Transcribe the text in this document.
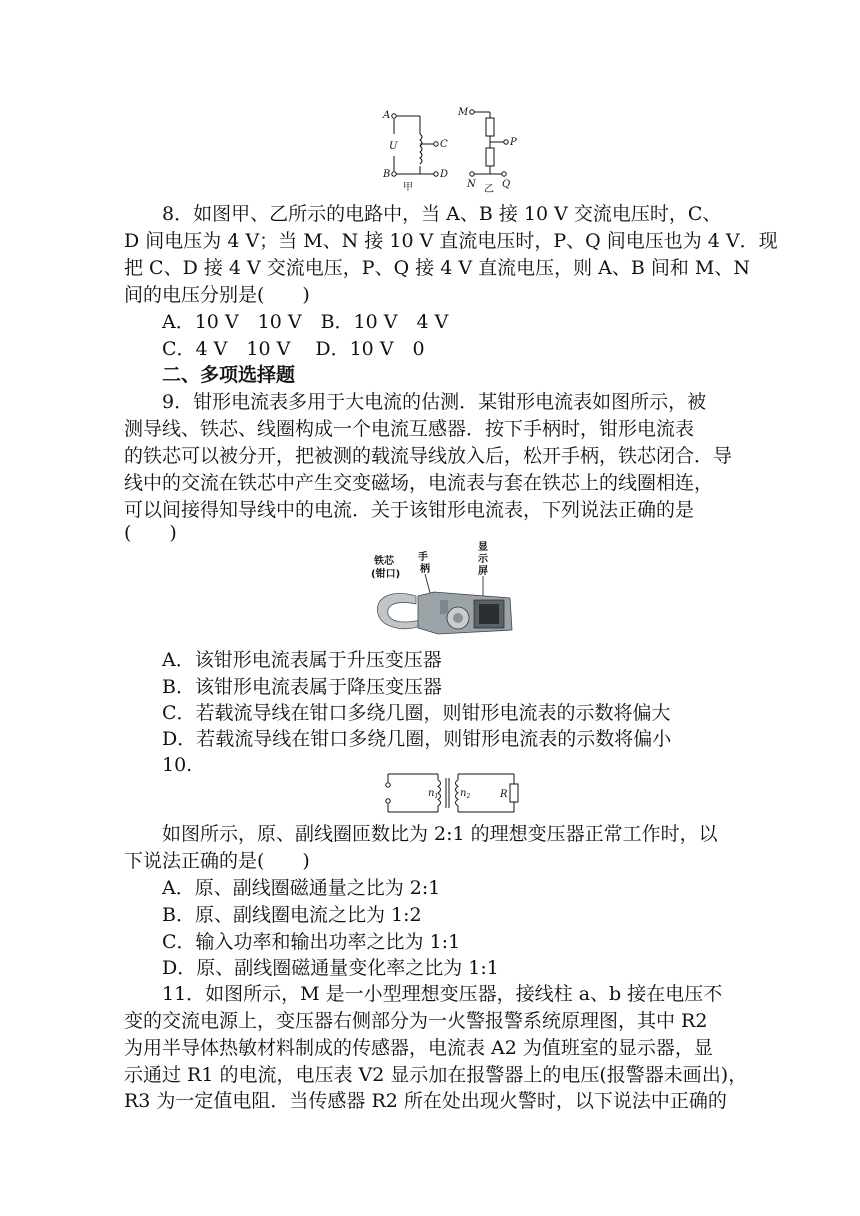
A
B
U	C
D
甲
M
N
P
Q
乙
8．如图甲、乙所示的电路中，当 A、B 接 10 V 交流电压时，C、
D 间电压为 4 V；当 M、N 接 10 V 直流电压时，P、Q 间电压也为 4 V．现
把 C、D 接 4 V 交流电压，P、Q 接 4 V 直流电压，则 A、B 间和 M、N
间的电压分别是(　　)
A．10 V　10 V　B．10 V　4 V
C．4 V　10 V　 D．10 V　0
二、多项选择题
9．钳形电流表多用于大电流的估测．某钳形电流表如图所示，被
测导线、铁芯、线圈构成一个电流互感器．按下手柄时，钳形电流表
的铁芯可以被分开，把被测的载流导线放入后，松开手柄，铁芯闭合．导
线中的交流在铁芯中产生交变磁场，电流表与套在铁芯上的线圈相连，
可以间接得知导线中的电流．关于该钳形电流表，下列说法正确的是
(　　)
铁芯
(钳口)
手
柄
显
示
屏
A．该钳形电流表属于升压变压器
B．该钳形电流表属于降压变压器
C．若载流导线在钳口多绕几圈，则钳形电流表的示数将偏大
D．若载流导线在钳口多绕几圈，则钳形电流表的示数将偏小
10.
$n_1$ $n_2$	R
如图所示，原、副线圈匝数比为 2:1 的理想变压器正常工作时，以
下说法正确的是(　　)
A．原、副线圈磁通量之比为 2:1
B．原、副线圈电流之比为 1:2
C．输入功率和输出功率之比为 1:1
D．原、副线圈磁通量变化率之比为 1:1
11．如图所示，M 是一小型理想变压器，接线柱 a、b 接在电压不
变的交流电源上，变压器右侧部分为一火警报警系统原理图，其中 R2
为用半导体热敏材料制成的传感器，电流表 A2 为值班室的显示器，显
示通过 R1 的电流，电压表 V2 显示加在报警器上的电压(报警器未画出)，
R3 为一定值电阻．当传感器 R2 所在处出现火警时，以下说法中正确的
